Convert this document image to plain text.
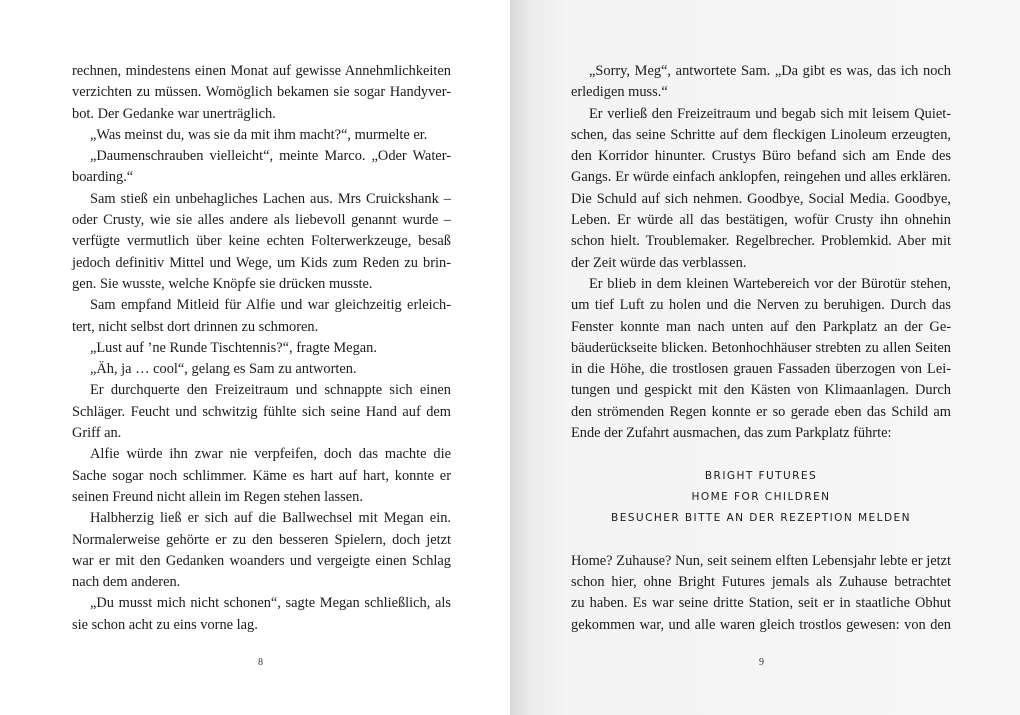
rechnen, mindestens einen Monat auf gewisse Annehmlichkeiten
verzichten zu müssen. Womöglich bekamen sie sogar Handyver-
bot. Der Gedanke war unerträglich.
„Was meinst du, was sie da mit ihm macht?“, murmelte er.
„Daumenschrauben vielleicht“, meinte Marco. „Oder Water-
boarding.“
Sam stieß ein unbehagliches Lachen aus. Mrs Cruickshank –
oder Crusty, wie sie alles andere als liebevoll genannt wurde –
verfügte vermutlich über keine echten Folterwerkzeuge, besaß
jedoch definitiv Mittel und Wege, um Kids zum Reden zu brin-
gen. Sie wusste, welche Knöpfe sie drücken musste.
Sam empfand Mitleid für Alfie und war gleichzeitig erleich-
tert, nicht selbst dort drinnen zu schmoren.
„Lust auf ’ne Runde Tischtennis?“, fragte Megan.
„Äh, ja … cool“, gelang es Sam zu antworten.
Er durchquerte den Freizeitraum und schnappte sich einen
Schläger. Feucht und schwitzig fühlte sich seine Hand auf dem
Griff an.
Alfie würde ihn zwar nie verpfeifen, doch das machte die
Sache sogar noch schlimmer. Käme es hart auf hart, konnte er
seinen Freund nicht allein im Regen stehen lassen.
Halbherzig ließ er sich auf die Ballwechsel mit Megan ein.
Normalerweise gehörte er zu den besseren Spielern, doch jetzt
war er mit den Gedanken woanders und vergeigte einen Schlag
nach dem anderen.
„Du musst mich nicht schonen“, sagte Megan schließlich, als
sie schon acht zu eins vorne lag.
8
„Sorry, Meg“, antwortete Sam. „Da gibt es was, das ich noch
erledigen muss.“
Er verließ den Freizeitraum und begab sich mit leisem Quiet-
schen, das seine Schritte auf dem fleckigen Linoleum erzeugten,
den Korridor hinunter. Crustys Büro befand sich am Ende des
Gangs. Er würde einfach anklopfen, reingehen und alles erklären.
Die Schuld auf sich nehmen. Goodbye, Social Media. Goodbye,
Leben. Er würde all das bestätigen, wofür Crusty ihn ohnehin
schon hielt. Troublemaker. Regelbrecher. Problemkid. Aber mit
der Zeit würde das verblassen.
Er blieb in dem kleinen Wartebereich vor der Bürotür stehen,
um tief Luft zu holen und die Nerven zu beruhigen. Durch das
Fenster konnte man nach unten auf den Parkplatz an der Ge-
bäuderückseite blicken. Betonhochhäuser strebten zu allen Seiten
in die Höhe, die trostlosen grauen Fassaden überzogen von Lei-
tungen und gespickt mit den Kästen von Klimaanlagen. Durch
den strömenden Regen konnte er so gerade eben das Schild am
Ende der Zufahrt ausmachen, das zum Parkplatz führte:
BRIGHT FUTURES
HOME FOR CHILDREN
BESUCHER BITTE AN DER REZEPTION MELDEN
Home? Zuhause? Nun, seit seinem elften Lebensjahr lebte er jetzt
schon hier, ohne Bright Futures jemals als Zuhause betrachtet
zu haben. Es war seine dritte Station, seit er in staatliche Obhut
gekommen war, und alle waren gleich trostlos gewesen: von den
9
